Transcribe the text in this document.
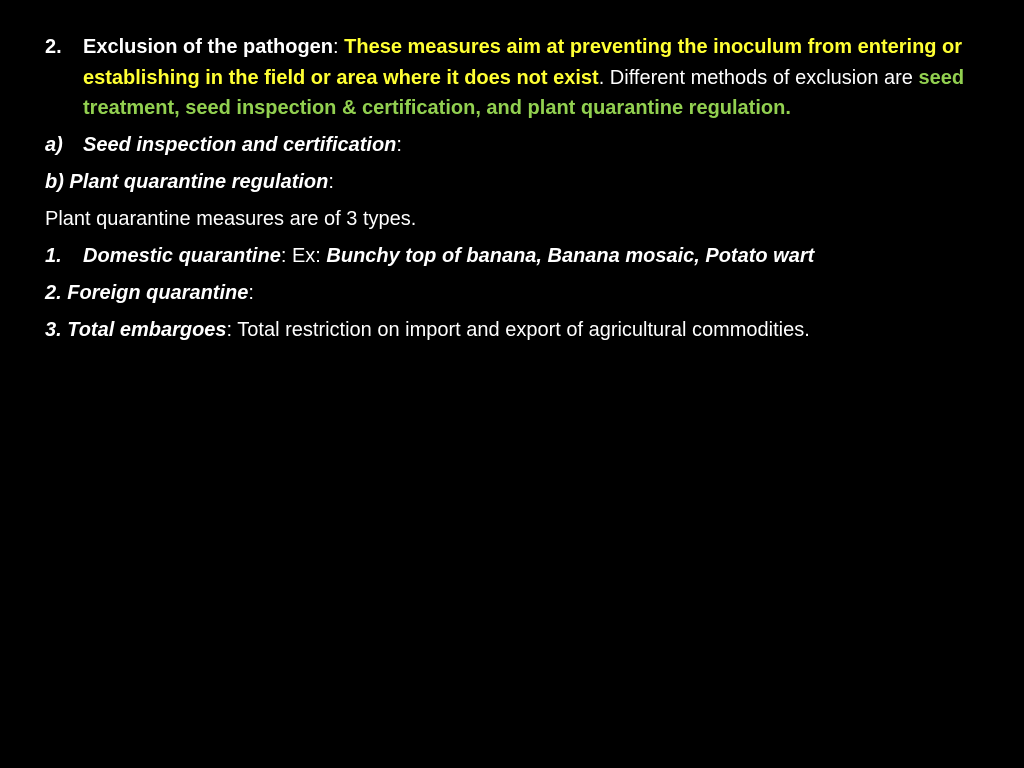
2.	Exclusion of the pathogen: These measures aim at preventing the inoculum from entering or establishing in the field or area where it does not exist. Different methods of exclusion are seed treatment, seed inspection & certification, and plant quarantine regulation.
a)	Seed inspection and certification:

b) Plant quarantine regulation:

Plant quarantine measures are of 3 types.

1.	Domestic quarantine: Ex: Bunchy top of banana, Banana mosaic, Potato wart

2. Foreign quarantine:

3. Total embargoes: Total restriction on import and export of agricultural commodities.
